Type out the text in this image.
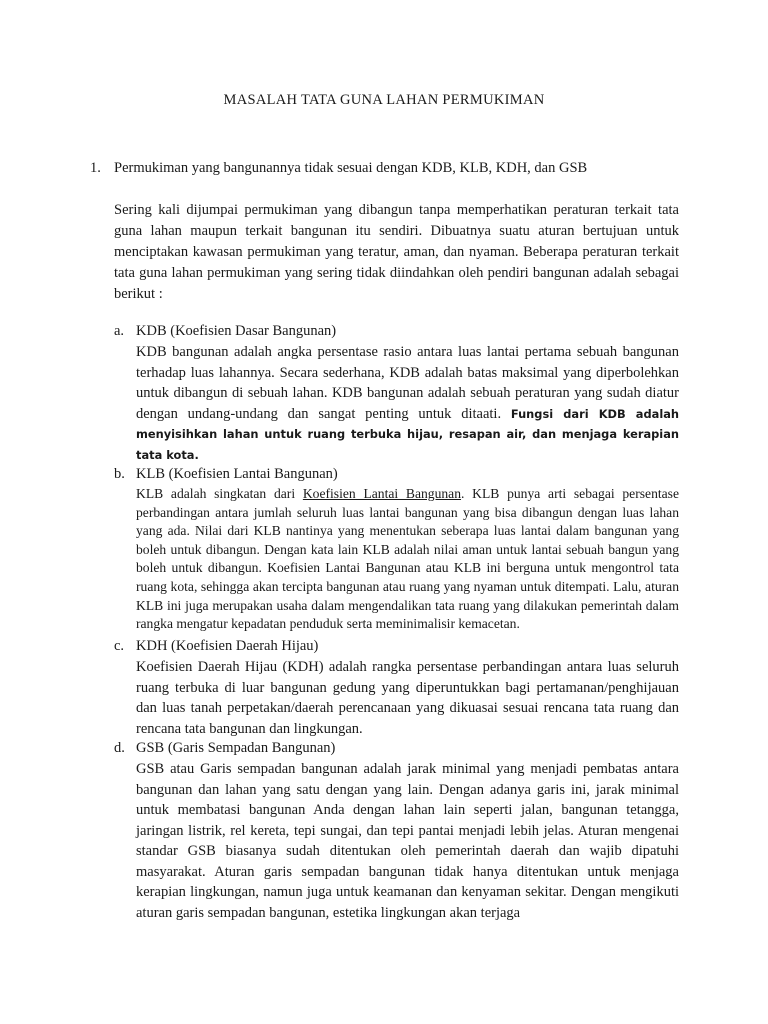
MASALAH TATA GUNA LAHAN PERMUKIMAN
1. Permukiman yang bangunannya tidak sesuai dengan KDB, KLB, KDH, dan GSB
Sering kali dijumpai permukiman yang dibangun tanpa memperhatikan peraturan terkait tata guna lahan maupun terkait bangunan itu sendiri. Dibuatnya suatu aturan bertujuan untuk menciptakan kawasan permukiman yang teratur, aman, dan nyaman. Beberapa peraturan terkait tata guna lahan permukiman yang sering tidak diindahkan oleh pendiri bangunan adalah sebagai berikut :
a. KDB (Koefisien Dasar Bangunan)
KDB bangunan adalah angka persentase rasio antara luas lantai pertama sebuah bangunan terhadap luas lahannya. Secara sederhana, KDB adalah batas maksimal yang diperbolehkan untuk dibangun di sebuah lahan. KDB bangunan adalah sebuah peraturan yang sudah diatur dengan undang-undang dan sangat penting untuk ditaati. Fungsi dari KDB adalah menyisihkan lahan untuk ruang terbuka hijau, resapan air, dan menjaga kerapian tata kota.
b. KLB (Koefisien Lantai Bangunan)
KLB adalah singkatan dari Koefisien Lantai Bangunan. KLB punya arti sebagai persentase perbandingan antara jumlah seluruh luas lantai bangunan yang bisa dibangun dengan luas lahan yang ada. Nilai dari KLB nantinya yang menentukan seberapa luas lantai dalam bangunan yang boleh untuk dibangun. Dengan kata lain KLB adalah nilai aman untuk lantai sebuah bangun yang boleh untuk dibangun. Koefisien Lantai Bangunan atau KLB ini berguna untuk mengontrol tata ruang kota, sehingga akan tercipta bangunan atau ruang yang nyaman untuk ditempati. Lalu, aturan KLB ini juga merupakan usaha dalam mengendalikan tata ruang yang dilakukan pemerintah dalam rangka mengatur kepadatan penduduk serta meminimalisir kemacetan.
c. KDH (Koefisien Daerah Hijau)
Koefisien Daerah Hijau (KDH) adalah rangka persentase perbandingan antara luas seluruh ruang terbuka di luar bangunan gedung yang diperuntukkan bagi pertamanan/penghijauan dan luas tanah perpetakan/daerah perencanaan yang dikuasai sesuai rencana tata ruang dan rencana tata bangunan dan lingkungan.
d. GSB (Garis Sempadan Bangunan)
GSB atau Garis sempadan bangunan adalah jarak minimal yang menjadi pembatas antara bangunan dan lahan yang satu dengan yang lain. Dengan adanya garis ini, jarak minimal untuk membatasi bangunan Anda dengan lahan lain seperti jalan, bangunan tetangga, jaringan listrik, rel kereta, tepi sungai, dan tepi pantai menjadi lebih jelas. Aturan mengenai standar GSB biasanya sudah ditentukan oleh pemerintah daerah dan wajib dipatuhi masyarakat. Aturan garis sempadan bangunan tidak hanya ditentukan untuk menjaga kerapian lingkungan, namun juga untuk keamanan dan kenyaman sekitar. Dengan mengikuti aturan garis sempadan bangunan, estetika lingkungan akan terjaga
